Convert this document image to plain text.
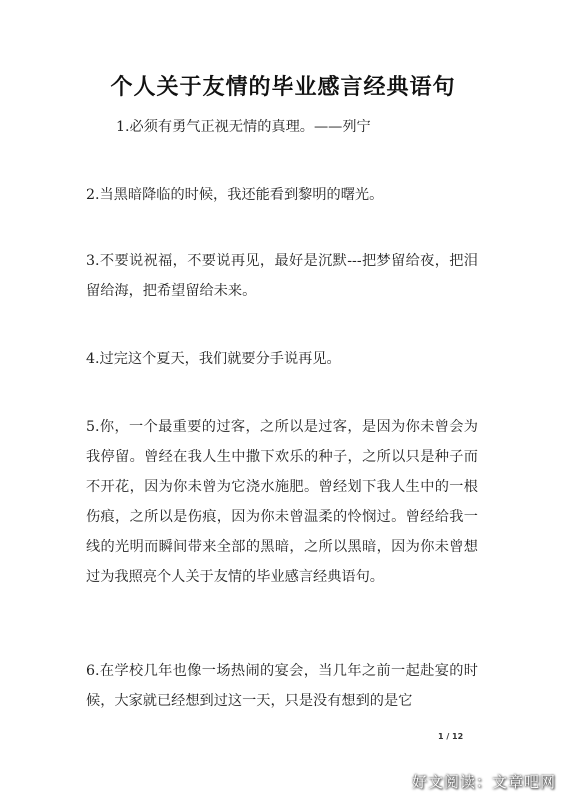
个人关于友情的毕业感言经典语句
1.必须有勇气正视无情的真理。——列宁
2.当黑暗降临的时候，我还能看到黎明的曙光。
3.不要说祝福，不要说再见，最好是沉默---把梦留给夜，把泪留给海，把希望留给未来。
4.过完这个夏天，我们就要分手说再见。
5.你，一个最重要的过客，之所以是过客，是因为你未曾会为我停留。曾经在我人生中撒下欢乐的种子，之所以只是种子而不开花，因为你未曾为它浇水施肥。曾经划下我人生中的一根伤痕，之所以是伤痕，因为你未曾温柔的怜悯过。曾经给我一线的光明而瞬间带来全部的黑暗，之所以黑暗，因为你未曾想过为我照亮个人关于友情的毕业感言经典语句。
6.在学校几年也像一场热闹的宴会，当几年之前一起赴宴的时候，大家就已经想到过这一天，只是没有想到的是它
1 / 12
好文阅读：文章吧网
